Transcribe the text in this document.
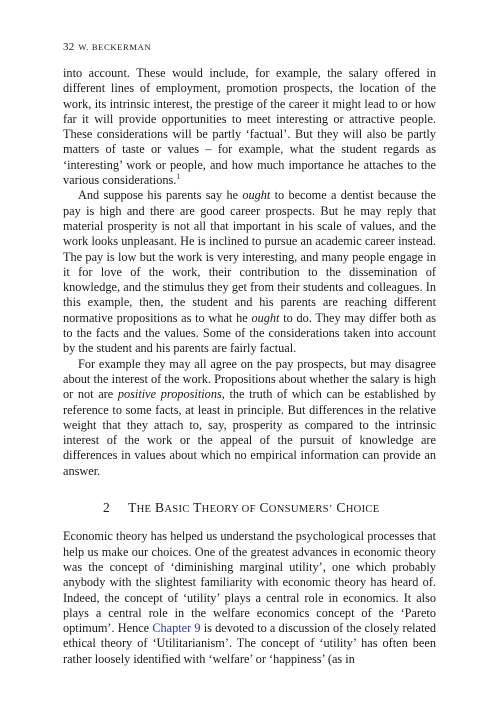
32 W. BECKERMAN

into account. These would include, for example, the salary offered in different lines of employment, promotion prospects, the location of the work, its intrinsic interest, the prestige of the career it might lead to or how far it will provide opportunities to meet interesting or attractive people. These considerations will be partly ‘factual’. But they will also be partly matters of taste or values – for example, what the student regards as ‘interesting’ work or people, and how much importance he attaches to the various considerations.$^1$

And suppose his parents say he ought to become a dentist because the pay is high and there are good career prospects. But he may reply that material prosperity is not all that important in his scale of values, and the work looks unpleasant. He is inclined to pursue an academic career instead. The pay is low but the work is very interesting, and many people engage in it for love of the work, their contribution to the dissemination of knowledge, and the stimulus they get from their students and colleagues. In this example, then, the student and his parents are reaching different normative propositions as to what he ought to do. They may differ both as to the facts and the values. Some of the considerations taken into account by the student and his parents are fairly factual.

For example they may all agree on the pay prospects, but may disagree about the interest of the work. Propositions about whether the salary is high or not are positive propositions, the truth of which can be established by reference to some facts, at least in principle. But differences in the relative weight that they attach to, say, prosperity as compared to the intrinsic interest of the work or the appeal of the pursuit of knowledge are differences in values about which no empirical information can provide an answer.

2 THE BASIC THEORY OF CONSUMERS’ CHOICE

Economic theory has helped us understand the psychological processes that help us make our choices. One of the greatest advances in economic theory was the concept of ‘diminishing marginal utility’, one which probably anybody with the slightest familiarity with economic theory has heard of. Indeed, the concept of ‘utility’ plays a central role in economics. It also plays a central role in the welfare economics concept of the ‘Pareto optimum’. Hence Chapter 9 is devoted to a discussion of the closely related ethical theory of ‘Utilitarianism’. The concept of ‘utility’ has often been rather loosely identified with ‘welfare’ or ‘happiness’ (as in
